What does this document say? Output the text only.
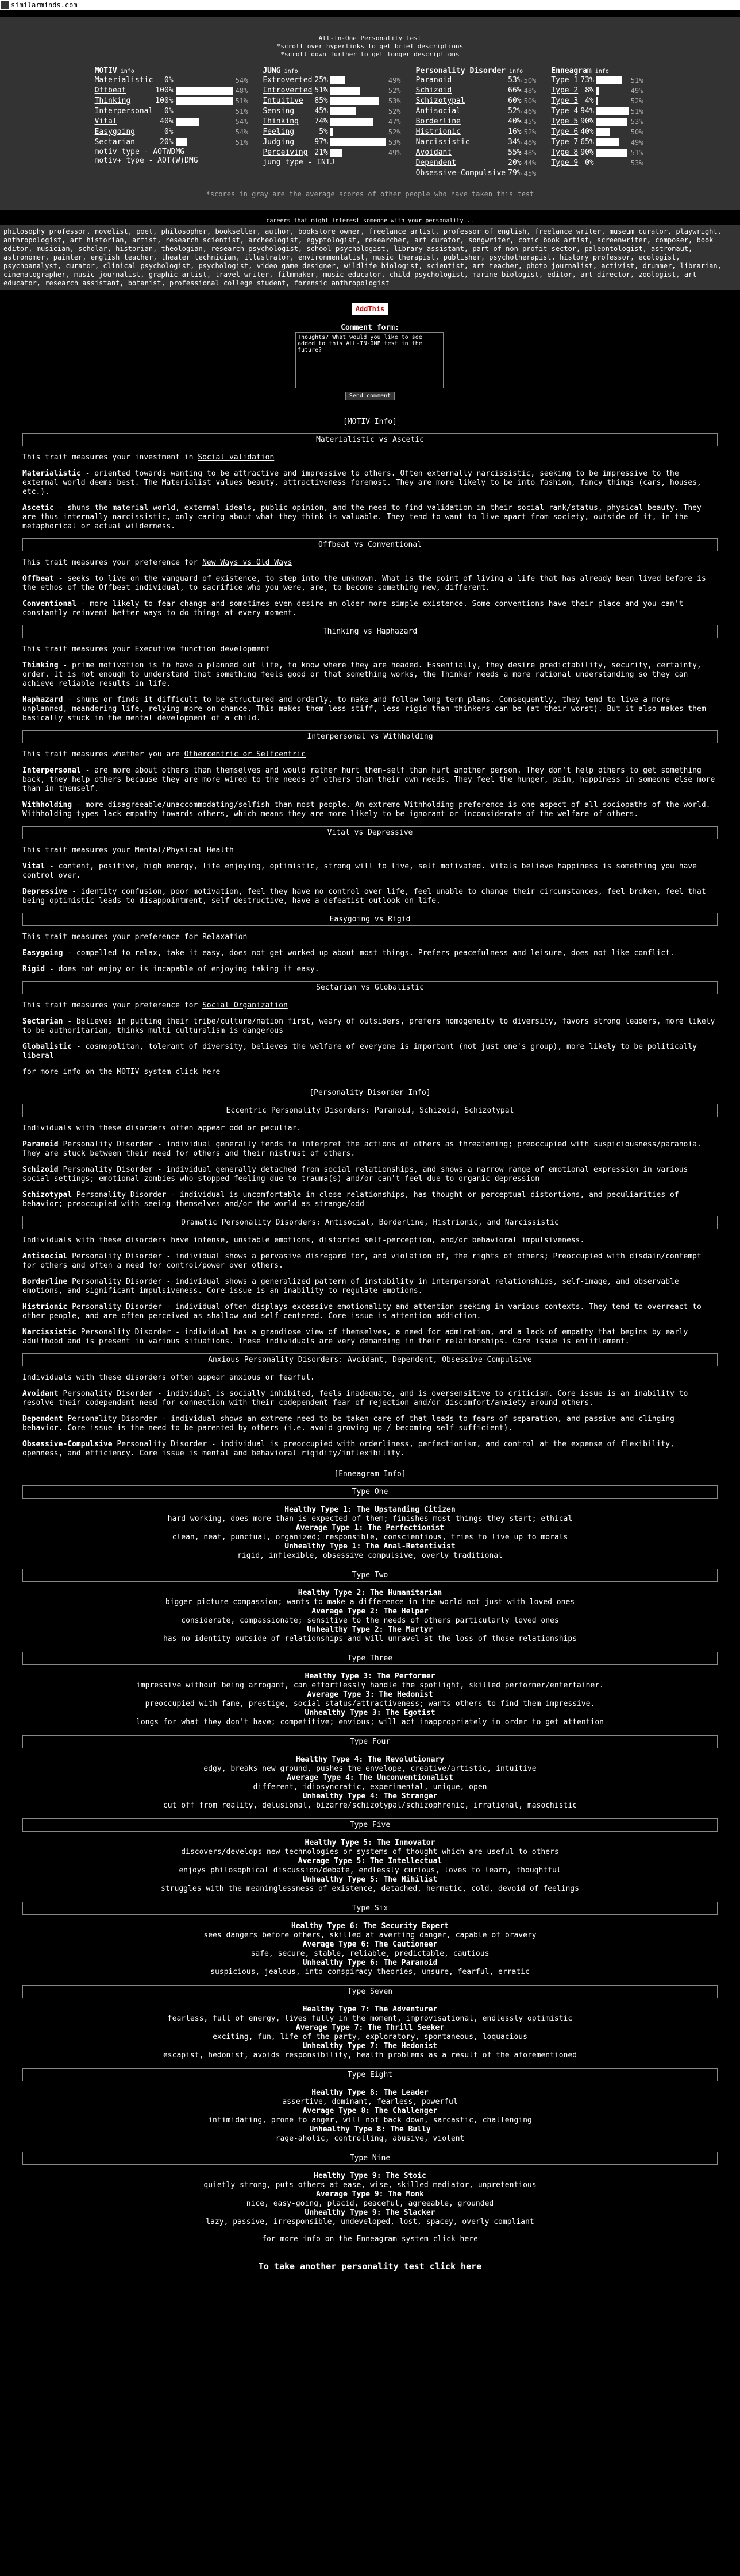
similarminds.com
All-In-One Personality Test
*scroll over hyperlinks to get brief descriptions
*scroll down further to get longer descriptions
MOTIV info
Materialistic	0%		54%
Offbeat	100%		48%
Thinking	100%		51%
Interpersonal	0%		51%
Vital	40%		54%
Easygoing	0%		54%
Sectarian	20%		51%
motiv type - AOTWDMG
motiv+ type - AOT(W)DMG
JUNG info
Extroverted	25%		49%
Introverted	51%		52%
Intuitive	85%		53%
Sensing	45%		52%
Thinking	74%		47%
Feeling	5%		52%
Judging	97%		53%
Perceiving	21%		49%
jung type - INTJ
Personality Disorder info
Paranoid	53%	50%
Schizoid	66%	48%
Schizotypal	60%	50%
Antisocial	52%	46%
Borderline	40%	45%
Histrionic	16%	52%
Narcissistic	34%	48%
Avoidant	55%	48%
Dependent	20%	44%
Obsessive-Compulsive	79%	45%
Enneagram info
Type 1	73%		51%
Type 2	8%		49%
Type 3	4%		52%
Type 4	94%		51%
Type 5	90%		53%
Type 6	40%		50%
Type 7	65%		49%
Type 8	90%		51%
Type 9	0%		53%
*scores in gray are the average scores of other people who have taken this test
careers that might interest someone with your personality...
philosophy professor, novelist, poet, philosopher, bookseller, author, bookstore owner, freelance artist, professor of english, freelance writer, museum curator, playwright, anthropologist, art historian, artist, research scientist, archeologist, egyptologist, researcher, art curator, songwriter, comic book artist, screenwriter, composer, book editor, musician, scholar, historian, theologian, research psychologist, school psychologist, library assistant, part of non profit sector, paleontologist, astronaut, astronomer, painter, english teacher, theater technician, illustrator, environmentalist, music therapist, publisher, psychotherapist, history professor, ecologist, psychoanalyst, curator, clinical psychologist, psychologist, video game designer, wildlife biologist, scientist, art teacher, photo journalist, activist, drummer, librarian, cinematographer, music journalist, graphic artist, travel writer, filmmaker, music educator, child psychologist, marine biologist, editor, art director, zoologist, art educator, research assistant, botanist, professional college student, forensic anthropologist
AddThis
Comment form:
Thoughts? What would you like to see added to this ALL-IN-ONE test in the future?
Send comment
[MOTIV Info]
Materialistic vs Ascetic

This trait measures your investment in Social validation

Materialistic - oriented towards wanting to be attractive and impressive to others. Often externally narcissistic, seeking to be impressive to the external world deems best. The Materialist values beauty, attractiveness foremost. They are more likely to be into fashion, fancy things (cars, houses, etc.).

Ascetic - shuns the material world, external ideals, public opinion, and the need to find validation in their social rank/status, physical beauty. They are thus internally narcissistic, only caring about what they think is valuable. They tend to want to live apart from society, outside of it, in the metaphorical or actual wilderness.

Offbeat vs Conventional

This trait measures your preference for New Ways vs Old Ways

Offbeat - seeks to live on the vanguard of existence, to step into the unknown. What is the point of living a life that has already been lived before is the ethos of the Offbeat individual, to sacrifice who you were, are, to become something new, different.

Conventional - more likely to fear change and sometimes even desire an older more simple existence. Some conventions have their place and you can't constantly reinvent better ways to do things at every moment.

Thinking vs Haphazard

This trait measures your Executive function development

Thinking - prime motivation is to have a planned out life, to know where they are headed. Essentially, they desire predictability, security, certainty, order. It is not enough to understand that something feels good or that something works, the Thinker needs a more rational understanding so they can achieve reliable results in life.

Haphazard - shuns or finds it difficult to be structured and orderly, to make and follow long term plans. Consequently, they tend to live a more unplanned, meandering life, relying more on chance. This makes them less stiff, less rigid than thinkers can be (at their worst). But it also makes them basically stuck in the mental development of a child.

Interpersonal vs Withholding

This trait measures whether you are Othercentric or Selfcentric

Interpersonal - are more about others than themselves and would rather hurt them-self than hurt another person. They don't help others to get something back, they help others because they are more wired to the needs of others than their own needs. They feel the hunger, pain, happiness in someone else more than in themself.

Withholding - more disagreeable/unaccommodating/selfish than most people. An extreme Withholding preference is one aspect of all sociopaths of the world. Withholding types lack empathy towards others, which means they are more likely to be ignorant or inconsiderate of the welfare of others.

Vital vs Depressive

This trait measures your Mental/Physical Health

Vital - content, positive, high energy, life enjoying, optimistic, strong will to live, self motivated. Vitals believe happiness is something you have control over.

Depressive - identity confusion, poor motivation, feel they have no control over life, feel unable to change their circumstances, feel broken, feel that being optimistic leads to disappointment, self destructive, have a defeatist outlook on life.

Easygoing vs Rigid

This trait measures your preference for Relaxation

Easygoing - compelled to relax, take it easy, does not get worked up about most things. Prefers peacefulness and leisure, does not like conflict.

Rigid - does not enjoy or is incapable of enjoying taking it easy.

Sectarian vs Globalistic

This trait measures your preference for Social Organization

Sectarian - believes in putting their tribe/culture/nation first, weary of outsiders, prefers homogeneity to diversity, favors strong leaders, more likely to be authoritarian, thinks multi culturalism is dangerous

Globalistic - cosmopolitan, tolerant of diversity, believes the welfare of everyone is important (not just one's group), more likely to be politically liberal

for more info on the MOTIV system click here

[Personality Disorder Info]
Eccentric Personality Disorders: Paranoid, Schizoid, Schizotypal

Individuals with these disorders often appear odd or peculiar.

Paranoid Personality Disorder - individual generally tends to interpret the actions of others as threatening; preoccupied with suspiciousness/paranoia. They are stuck between their need for others and their mistrust of others.

Schizoid Personality Disorder - individual generally detached from social relationships, and shows a narrow range of emotional expression in various social settings; emotional zombies who stopped feeling due to trauma(s) and/or can't feel due to organic depression

Schizotypal Personality Disorder - individual is uncomfortable in close relationships, has thought or perceptual distortions, and peculiarities of behavior; preoccupied with seeing themselves and/or the world as strange/odd

Dramatic Personality Disorders: Antisocial, Borderline, Histrionic, and Narcissistic

Individuals with these disorders have intense, unstable emotions, distorted self-perception, and/or behavioral impulsiveness.

Antisocial Personality Disorder - individual shows a pervasive disregard for, and violation of, the rights of others; Preoccupied with disdain/contempt for others and often a need for control/power over others.

Borderline Personality Disorder - individual shows a generalized pattern of instability in interpersonal relationships, self-image, and observable emotions, and significant impulsiveness. Core issue is an inability to regulate emotions.

Histrionic Personality Disorder - individual often displays excessive emotionality and attention seeking in various contexts. They tend to overreact to other people, and are often perceived as shallow and self-centered. Core issue is attention addiction.

Narcissistic Personality Disorder - individual has a grandiose view of themselves, a need for admiration, and a lack of empathy that begins by early adulthood and is present in various situations. These individuals are very demanding in their relationships. Core issue is entitlement.

Anxious Personality Disorders: Avoidant, Dependent, Obsessive-Compulsive

Individuals with these disorders often appear anxious or fearful.

Avoidant Personality Disorder - individual is socially inhibited, feels inadequate, and is oversensitive to criticism. Core issue is an inability to resolve their codependent need for connection with their codependent fear of rejection and/or discomfort/anxiety around others.

Dependent Personality Disorder - individual shows an extreme need to be taken care of that leads to fears of separation, and passive and clinging behavior. Core issue is the need to be parented by others (i.e. avoid growing up / becoming self-sufficient).

Obsessive-Compulsive Personality Disorder - individual is preoccupied with orderliness, perfectionism, and control at the expense of flexibility, openness, and efficiency. Core issue is mental and behavioral rigidity/inflexibility.

[Enneagram Info]
Type One
Healthy Type 1: The Upstanding Citizen
hard working, does more than is expected of them; finishes most things they start; ethical
Average Type 1: The Perfectionist
clean, neat, punctual, organized; responsible, conscientious, tries to live up to morals
Unhealthy Type 1: The Anal-Retentivist
rigid, inflexible, obsessive compulsive, overly traditional
Type Two
Healthy Type 2: The Humanitarian
bigger picture compassion; wants to make a difference in the world not just with loved ones
Average Type 2: The Helper
considerate, compassionate; sensitive to the needs of others particularly loved ones
Unhealthy Type 2: The Martyr
has no identity outside of relationships and will unravel at the loss of those relationships
Type Three
Healthy Type 3: The Performer
impressive without being arrogant, can effortlessly handle the spotlight, skilled performer/entertainer.
Average Type 3: The Hedonist
preoccupied with fame, prestige, social status/attractiveness; wants others to find them impressive.
Unhealthy Type 3: The Egotist
longs for what they don't have; competitive; envious; will act inappropriately in order to get attention
Type Four
Healthy Type 4: The Revolutionary
edgy, breaks new ground, pushes the envelope, creative/artistic, intuitive
Average Type 4: The Unconventionalist
different, idiosyncratic, experimental, unique, open
Unhealthy Type 4: The Stranger
cut off from reality, delusional, bizarre/schizotypal/schizophrenic, irrational, masochistic
Type Five
Healthy Type 5: The Innovator
discovers/develops new technologies or systems of thought which are useful to others
Average Type 5: The Intellectual
enjoys philosophical discussion/debate, endlessly curious, loves to learn, thoughtful
Unhealthy Type 5: The Nihilist
struggles with the meaninglessness of existence, detached, hermetic, cold, devoid of feelings
Type Six
Healthy Type 6: The Security Expert
sees dangers before others, skilled at averting danger, capable of bravery
Average Type 6: The Cautioneer
safe, secure, stable, reliable, predictable, cautious
Unhealthy Type 6: The Paranoid
suspicious, jealous, into conspiracy theories, unsure, fearful, erratic
Type Seven
Healthy Type 7: The Adventurer
fearless, full of energy, lives fully in the moment, improvisational, endlessly optimistic
Average Type 7: The Thrill Seeker
exciting, fun, life of the party, exploratory, spontaneous, loquacious
Unhealthy Type 7: The Hedonist
escapist, hedonist, avoids responsibility, health problems as a result of the aforementioned
Type Eight
Healthy Type 8: The Leader
assertive, dominant, fearless, powerful
Average Type 8: The Challenger
intimidating, prone to anger, will not back down, sarcastic, challenging
Unhealthy Type 8: The Bully
rage-aholic, controlling, abusive, violent
Type Nine
Healthy Type 9: The Stoic
quietly strong, puts others at ease, wise, skilled mediator, unpretentious
Average Type 9: The Monk
nice, easy-going, placid, peaceful, agreeable, grounded
Unhealthy Type 9: The Slacker
lazy, passive, irresponsible, undeveloped, lost, spacey, overly compliant

for more info on the Enneagram system click here

To take another personality test click here
